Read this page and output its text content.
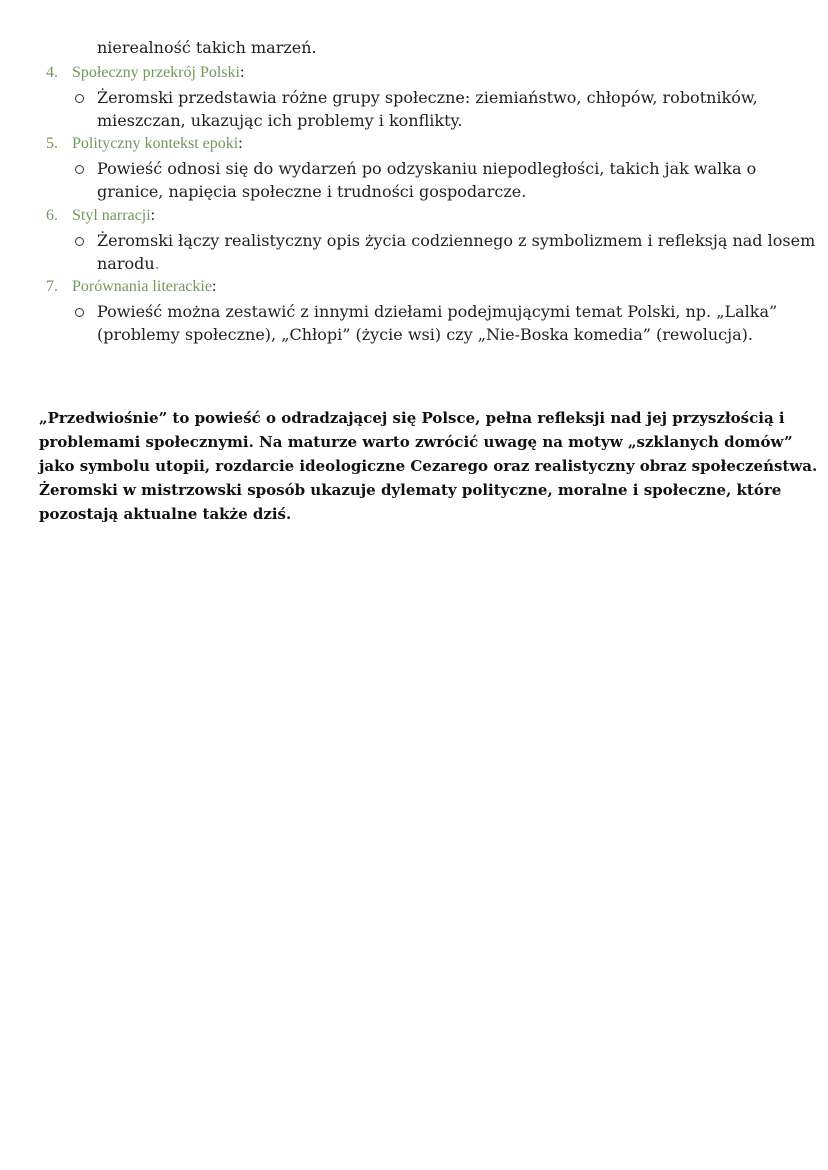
nierealność takich marzeń.
4. Społeczny przekrój Polski:
Żeromski przedstawia różne grupy społeczne: ziemiaństwo, chłopów, robotników,
mieszczan, ukazując ich problemy i konflikty.
5. Polityczny kontekst epoki:
Powieść odnosi się do wydarzeń po odzyskaniu niepodległości, takich jak walka o
granice, napięcia społeczne i trudności gospodarcze.
6. Styl narracji:
Żeromski łączy realistyczny opis życia codziennego z symbolizmem i refleksją nad losem
narodu.
7. Porównania literackie:
Powieść można zestawić z innymi dziełami podejmującymi temat Polski, np. „Lalka”
(problemy społeczne), „Chłopi” (życie wsi) czy „Nie-Boska komedia” (rewolucja).
„Przedwiośnie” to powieść o odradzającej się Polsce, pełna refleksji nad jej przyszłością i
problemami społecznymi. Na maturze warto zwrócić uwagę na motyw „szklanych domów”
jako symbolu utopii, rozdarcie ideologiczne Cezarego oraz realistyczny obraz społeczeństwa.
Żeromski w mistrzowski sposób ukazuje dylematy polityczne, moralne i społeczne, które
pozostają aktualne także dziś.
